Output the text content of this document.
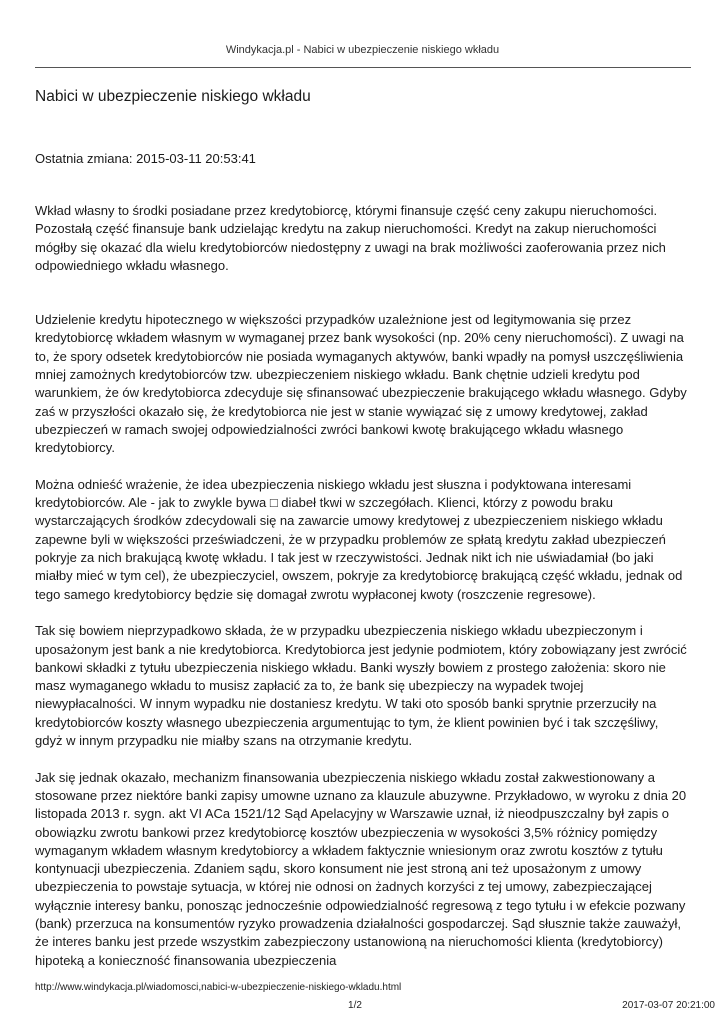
Windykacja.pl - Nabici w ubezpieczenie niskiego wkładu
Nabici w ubezpieczenie niskiego wkładu
Ostatnia zmiana: 2015-03-11 20:53:41

Wkład własny to środki posiadane przez kredytobiorcę, którymi finansuje część ceny zakupu nieruchomości. Pozostałą część finansuje bank udzielając kredytu na zakup nieruchomości. Kredyt na zakup nieruchomości mógłby się okazać dla wielu kredytobiorców niedostępny z uwagi na brak możliwości zaoferowania przez nich odpowiedniego wkładu własnego.

Udzielenie kredytu hipotecznego w większości przypadków uzależnione jest od legitymowania się przez kredytobiorcę wkładem własnym w wymaganej przez bank wysokości (np. 20% ceny nieruchomości). Z uwagi na to, że spory odsetek kredytobiorców nie posiada wymaganych aktywów, banki wpadły na pomysł uszczęśliwienia mniej zamożnych kredytobiorców tzw. ubezpieczeniem niskiego wkładu. Bank chętnie udzieli kredytu pod warunkiem, że ów kredytobiorca zdecyduje się sfinansować ubezpieczenie brakującego wkładu własnego. Gdyby zaś w przyszłości okazało się, że kredytobiorca nie jest w stanie wywiązać się z umowy kredytowej, zakład ubezpieczeń w ramach swojej odpowiedzialności zwróci bankowi kwotę brakującego wkładu własnego kredytobiorcy.

Można odnieść wrażenie, że idea ubezpieczenia niskiego wkładu jest słuszna i podyktowana interesami kredytobiorców. Ale - jak to zwykle bywa □ diabeł tkwi w szczegółach. Klienci, którzy z powodu braku wystarczających środków zdecydowali się na zawarcie umowy kredytowej z ubezpieczeniem niskiego wkładu zapewne byli w większości przeświadczeni, że w przypadku problemów ze spłatą kredytu zakład ubezpieczeń pokryje za nich brakującą kwotę wkładu. I tak jest w rzeczywistości. Jednak nikt ich nie uświadamiał (bo jaki miałby mieć w tym cel), że ubezpieczyciel, owszem, pokryje za kredytobiorcę brakującą część wkładu, jednak od tego samego kredytobiorcy będzie się domagał zwrotu wypłaconej kwoty (roszczenie regresowe).

Tak się bowiem nieprzypadkowo składa, że w przypadku ubezpieczenia niskiego wkładu ubezpieczonym i uposażonym jest bank a nie kredytobiorca. Kredytobiorca jest jedynie podmiotem, który zobowiązany jest zwrócić bankowi składki z tytułu ubezpieczenia niskiego wkładu. Banki wyszły bowiem z prostego założenia: skoro nie masz wymaganego wkładu to musisz zapłacić za to, że bank się ubezpieczy na wypadek twojej niewypłacalności. W innym wypadku nie dostaniesz kredytu. W taki oto sposób banki sprytnie przerzuciły na kredytobiorców koszty własnego ubezpieczenia argumentując to tym, że klient powinien być i tak szczęśliwy, gdyż w innym przypadku nie miałby szans na otrzymanie kredytu.

Jak się jednak okazało, mechanizm finansowania ubezpieczenia niskiego wkładu został zakwestionowany a stosowane przez niektóre banki zapisy umowne uznano za klauzule abuzywne. Przykładowo, w wyroku z dnia 20 listopada 2013 r. sygn. akt VI ACa 1521/12 Sąd Apelacyjny w Warszawie uznał, iż nieodpuszczalny był zapis o obowiązku zwrotu bankowi przez kredytobiorcę kosztów ubezpieczenia w wysokości 3,5% różnicy pomiędzy wymaganym wkładem własnym kredytobiorcy a wkładem faktycznie wniesionym oraz zwrotu kosztów z tytułu kontynuacji ubezpieczenia. Zdaniem sądu, skoro konsument nie jest stroną ani też uposażonym z umowy ubezpieczenia to powstaje sytuacja, w której nie odnosi on żadnych korzyści z tej umowy, zabezpieczającej wyłącznie interesy banku, ponosząc jednocześnie odpowiedzialność regresową z tego tytułu i w efekcie pozwany (bank) przerzuca na konsumentów ryzyko prowadzenia działalności gospodarczej. Sąd słusznie także zauważył, że interes banku jest przede wszystkim zabezpieczony ustanowioną na nieruchomości klienta (kredytobiorcy) hipoteką a konieczność finansowania ubezpieczenia

http://www.windykacja.pl/wiadomosci,nabici-w-ubezpieczenie-niskiego-wkladu.html
1/2	2017-03-07 20:21:00
